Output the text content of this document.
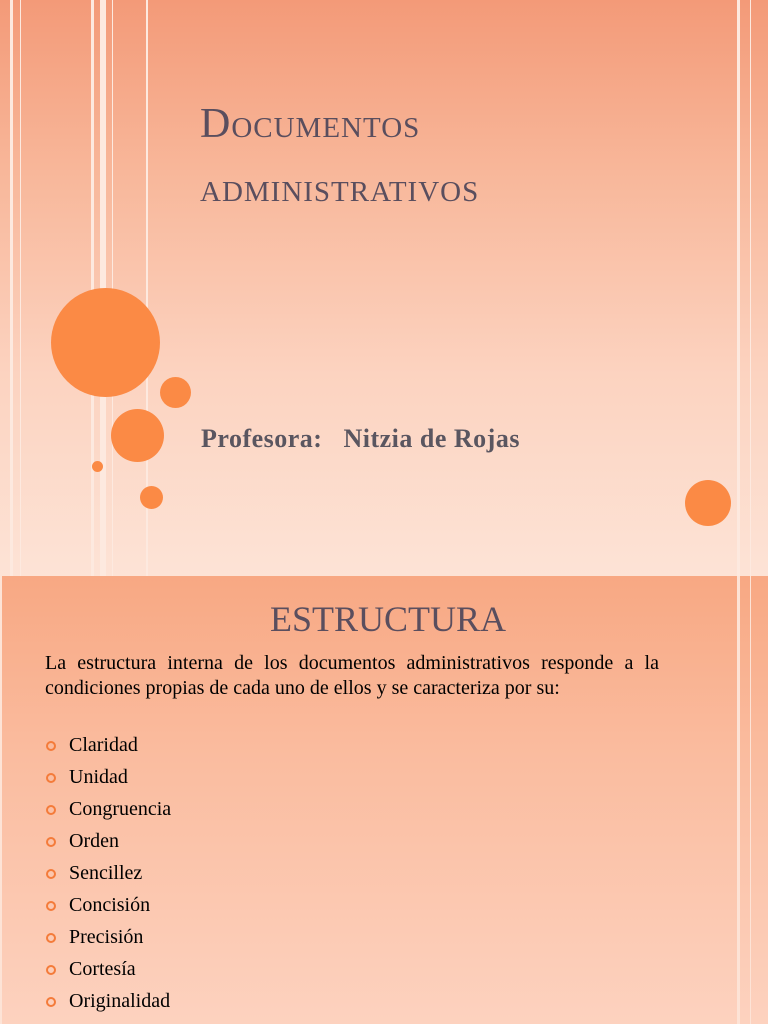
Documentos
administrativos

Profesora: Nitzia de Rojas

ESTRUCTURA

La estructura interna de los documentos administrativos responde a la condiciones propias de cada uno de ellos y se caracteriza por su:

Claridad
Unidad
Congruencia
Orden
Sencillez
Concisión
Precisión
Cortesía
Originalidad
